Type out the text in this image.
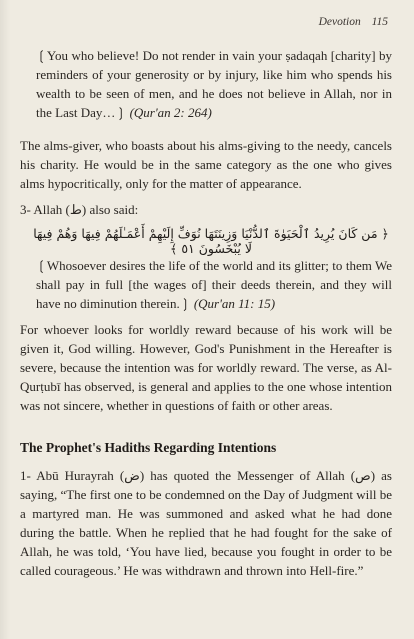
Devotion 115
❲You who believe! Do not render in vain your ṣadaqah [charity] by reminders of your generosity or by injury, like him who spends his wealth to be seen of men, and he does not believe in Allah, nor in the Last Day…❳ (Qur'an 2: 264)
The alms-giver, who boasts about his alms-giving to the needy, cancels his charity. He would be in the same category as the one who gives alms hypocritically, only for the matter of appearance.
3- Allah (ط) also said:
﴿ مَن كَانَ يُرِيدُ ٱلْحَيَوٰةَ ٱلدُّنْيَا وَزِينَتَهَا نُوَفِّ إِلَيْهِمْ أَعْمَـٰلَهُمْ فِيهَا وَهُمْ فِيهَا لَا يُبْخَسُونَ ٥١ ﴾
❲Whosoever desires the life of the world and its glitter; to them We shall pay in full [the wages of] their deeds therein, and they will have no diminution therein.❳ (Qur'an 11: 15)
For whoever looks for worldly reward because of his work will be given it, God willing. However, God's Punishment in the Hereafter is severe, because the intention was for worldly reward. The verse, as Al-Qurṭubī has observed, is general and applies to the one whose intention was not sincere, whether in questions of faith or other areas.
The Prophet's Hadiths Regarding Intentions
1- Abū Hurayrah (ض) has quoted the Messenger of Allah (ص) as saying, “The first one to be condemned on the Day of Judgment will be a martyred man. He was summoned and asked what he had done during the battle. When he replied that he had fought for the sake of Allah, he was told, ‘You have lied, because you fought in order to be called courageous.’ He was withdrawn and thrown into Hell-fire.”
